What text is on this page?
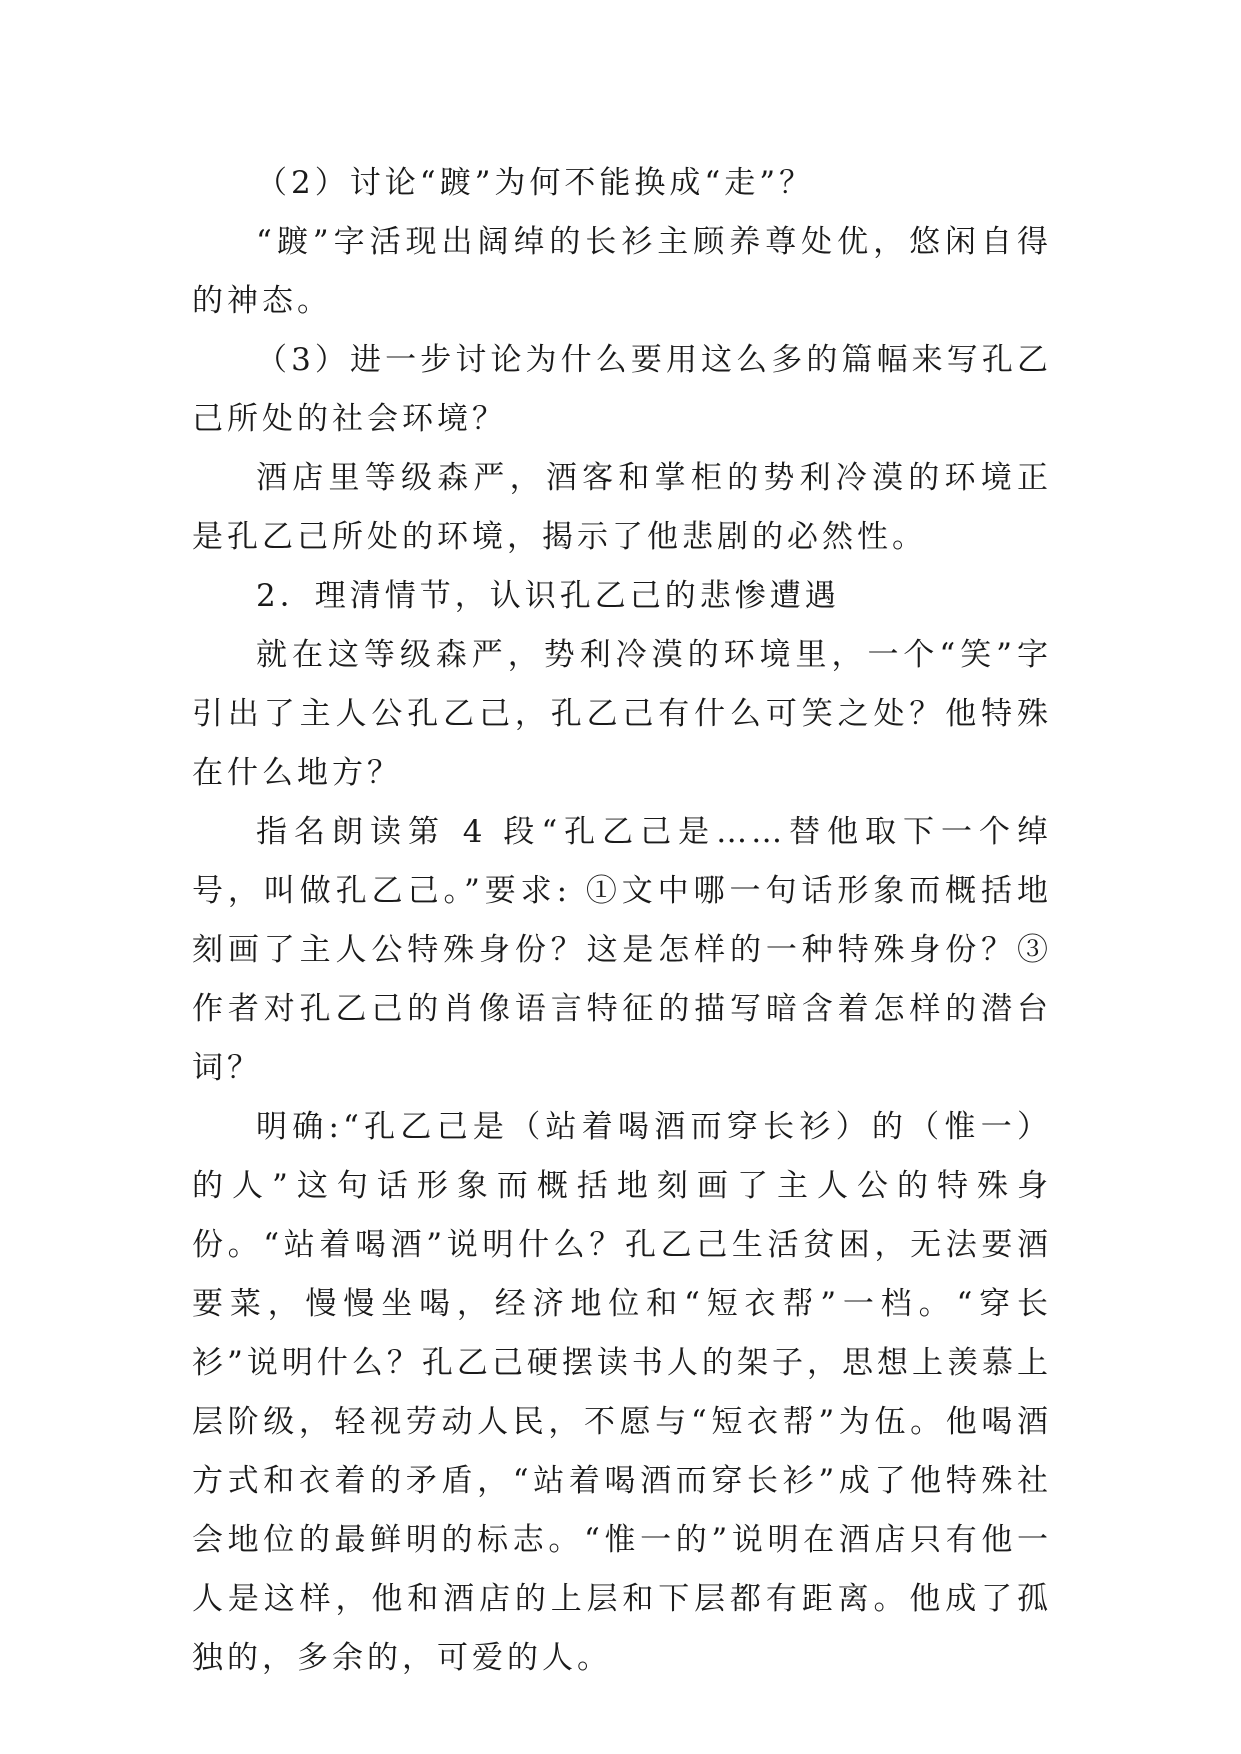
（2）讨论“踱”为何不能换成“走”？

“踱”字活现出阔绰的长衫主顾养尊处优，悠闲自得的神态。

（3）进一步讨论为什么要用这么多的篇幅来写孔乙己所处的社会环境？

酒店里等级森严，酒客和掌柜的势利冷漠的环境正是孔乙己所处的环境，揭示了他悲剧的必然性。

2．理清情节，认识孔乙己的悲惨遭遇

就在这等级森严，势利冷漠的环境里，一个“笑”字引出了主人公孔乙己，孔乙己有什么可笑之处？他特殊在什么地方？

指名朗读第 4 段“孔乙己是……替他取下一个绰号，叫做孔乙己。”要求: ①文中哪一句话形象而概括地刻画了主人公特殊身份？这是怎样的一种特殊身份？③作者对孔乙己的肖像语言特征的描写暗含着怎样的潜台词？

明确:“孔乙己是（站着喝酒而穿长衫）的（惟一）的人”这句话形象而概括地刻画了主人公的特殊身份。“站着喝酒”说明什么？孔乙己生活贫困，无法要酒要菜，慢慢坐喝，经济地位和“短衣帮”一档。“穿长衫”说明什么？孔乙己硬摆读书人的架子，思想上羡慕上层阶级，轻视劳动人民，不愿与“短衣帮”为伍。他喝酒方式和衣着的矛盾，“站着喝酒而穿长衫”成了他特殊社会地位的最鲜明的标志。“惟一的”说明在酒店只有他一人是这样，他和酒店的上层和下层都有距离。他成了孤独的，多余的，可爱的人。
